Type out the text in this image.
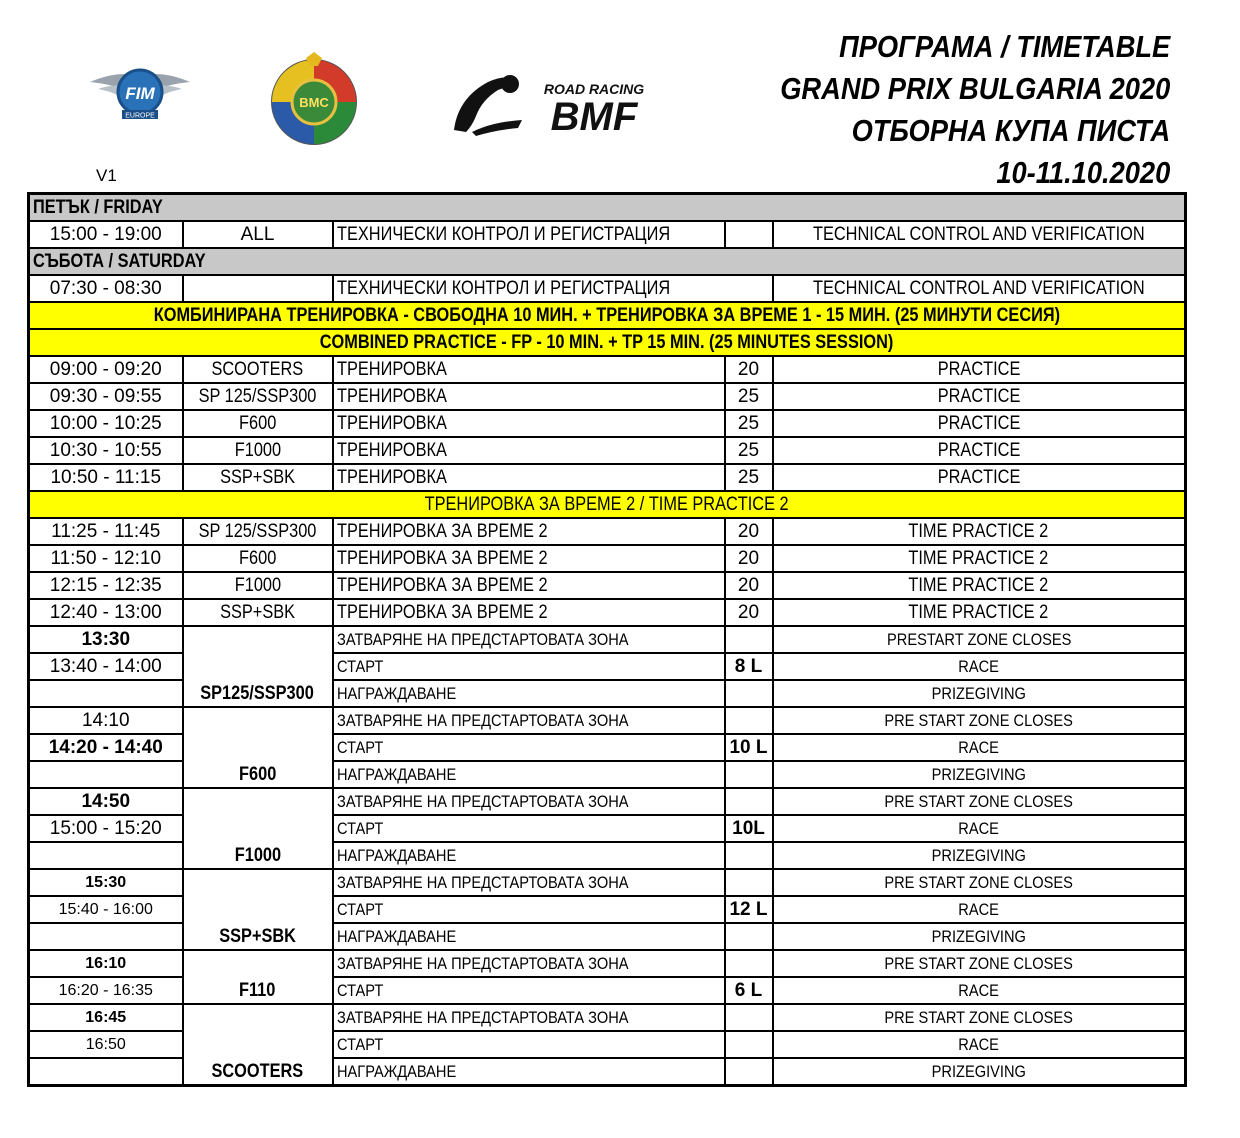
FIM
EUROPE
BMC
ROAD RACING
BMF
ПРОГРАМА / TIMETABLE
GRAND PRIX BULGARIA 2020
ОТБОРНА КУПА ПИСТА
10-11.10.2020
V1
ПЕТЪК / FRIDAY				
15:00 - 19:00	ALL	ТЕХНИЧЕСКИ КОНТРОЛ И РЕГИСТРАЦИЯ		TECHNICAL CONTROL AND VERIFICATION
СЪБОТА / SATURDAY				
07:30 - 08:30		ТЕХНИЧЕСКИ КОНТРОЛ И РЕГИСТРАЦИЯ		TECHNICAL CONTROL AND VERIFICATION
КОМБИНИРАНА ТРЕНИРОВКА - СВОБОДНА 10 МИН. + ТРЕНИРОВКА ЗА ВРЕМЕ 1 - 15 МИН. (25 МИНУТИ СЕСИЯ)				
COMBINED PRACTICE - FP - 10 MIN. + TP 15 MIN. (25 MINUTES SESSION)				
09:00 - 09:20	SCOOTERS	ТРЕНИРОВКА	20	PRACTICE
09:30 - 09:55	SP 125/SSP300	ТРЕНИРОВКА	25	PRACTICE
10:00 - 10:25	F600	ТРЕНИРОВКА	25	PRACTICE
10:30 - 10:55	F1000	ТРЕНИРОВКА	25	PRACTICE
10:50 - 11:15	SSP+SBK	ТРЕНИРОВКА	25	PRACTICE
ТРЕНИРОВКА ЗА ВРЕМЕ 2 / TIME PRACTICE 2				
11:25 - 11:45	SP 125/SSP300	ТРЕНИРОВКА ЗА ВРЕМЕ 2	20	TIME PRACTICE 2
11:50 - 12:10	F600	ТРЕНИРОВКА ЗА ВРЕМЕ 2	20	TIME PRACTICE 2
12:15 - 12:35	F1000	ТРЕНИРОВКА ЗА ВРЕМЕ 2	20	TIME PRACTICE 2
12:40 - 13:00	SSP+SBK	ТРЕНИРОВКА ЗА ВРЕМЕ 2	20	TIME PRACTICE 2
13:30	SP125/SSP300	ЗАТВАРЯНЕ НА ПРЕДСТАРТОВАТА ЗОНА		PRESTART ZONE CLOSES
13:40 - 14:00		СТАРТ	8 L	RACE
		НАГРАЖДАВАНЕ		PRIZEGIVING
14:10	F600	ЗАТВАРЯНЕ НА ПРЕДСТАРТОВАТА ЗОНА		PRE START ZONE CLOSES
14:20 - 14:40		СТАРТ	10 L	RACE
		НАГРАЖДАВАНЕ		PRIZEGIVING
14:50	F1000	ЗАТВАРЯНЕ НА ПРЕДСТАРТОВАТА ЗОНА		PRE START ZONE CLOSES
15:00 - 15:20		СТАРТ	10L	RACE
		НАГРАЖДАВАНЕ		PRIZEGIVING
15:30	SSP+SBK	ЗАТВАРЯНЕ НА ПРЕДСТАРТОВАТА ЗОНА		PRE START ZONE CLOSES
15:40 - 16:00		СТАРТ	12 L	RACE
		НАГРАЖДАВАНЕ		PRIZEGIVING
16:10	F110	ЗАТВАРЯНЕ НА ПРЕДСТАРТОВАТА ЗОНА		PRE START ZONE CLOSES
16:20 - 16:35		СТАРТ	6 L	RACE
16:45	SCOOTERS	ЗАТВАРЯНЕ НА ПРЕДСТАРТОВАТА ЗОНА		PRE START ZONE CLOSES
16:50		СТАРТ		RACE
		НАГРАЖДАВАНЕ		PRIZEGIVING
